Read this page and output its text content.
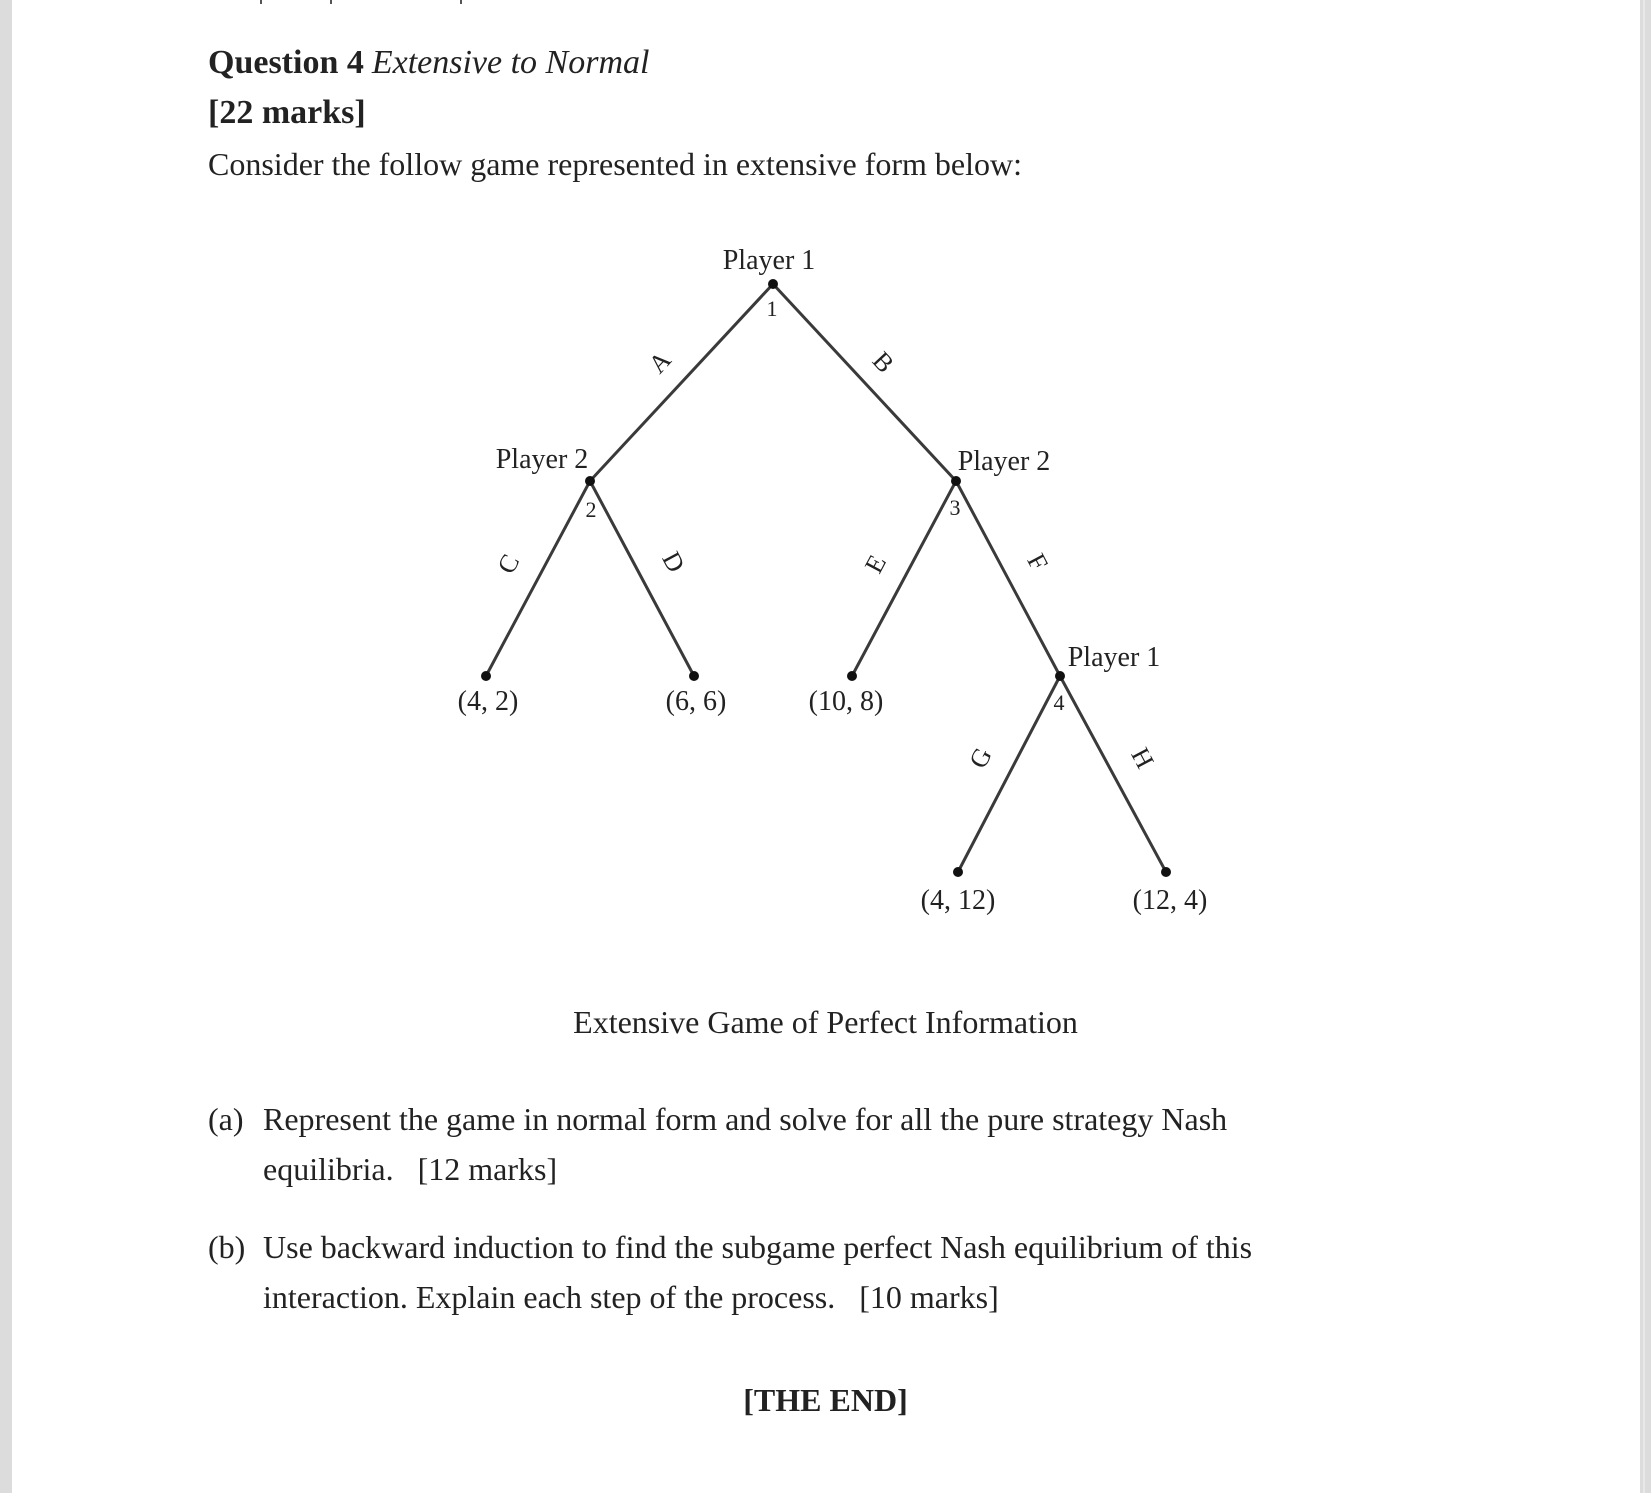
Question 4 Extensive to Normal
[22 marks]
Consider the follow game represented in extensive form below:
Player 1
Player 2	Player 2
Player 1
1
2	3
4
A	B
C	D	E	F
G	H
(4, 2)	(6, 6)	(10, 8)
(4, 12)	(12, 4)
Extensive Game of Perfect Information
(a) Represent the game in normal form and solve for all the pure strategy Nash equilibria. [12 marks]
(b) Use backward induction to find the subgame perfect Nash equilibrium of this interaction. Explain each step of the process. [10 marks]
[THE END]
